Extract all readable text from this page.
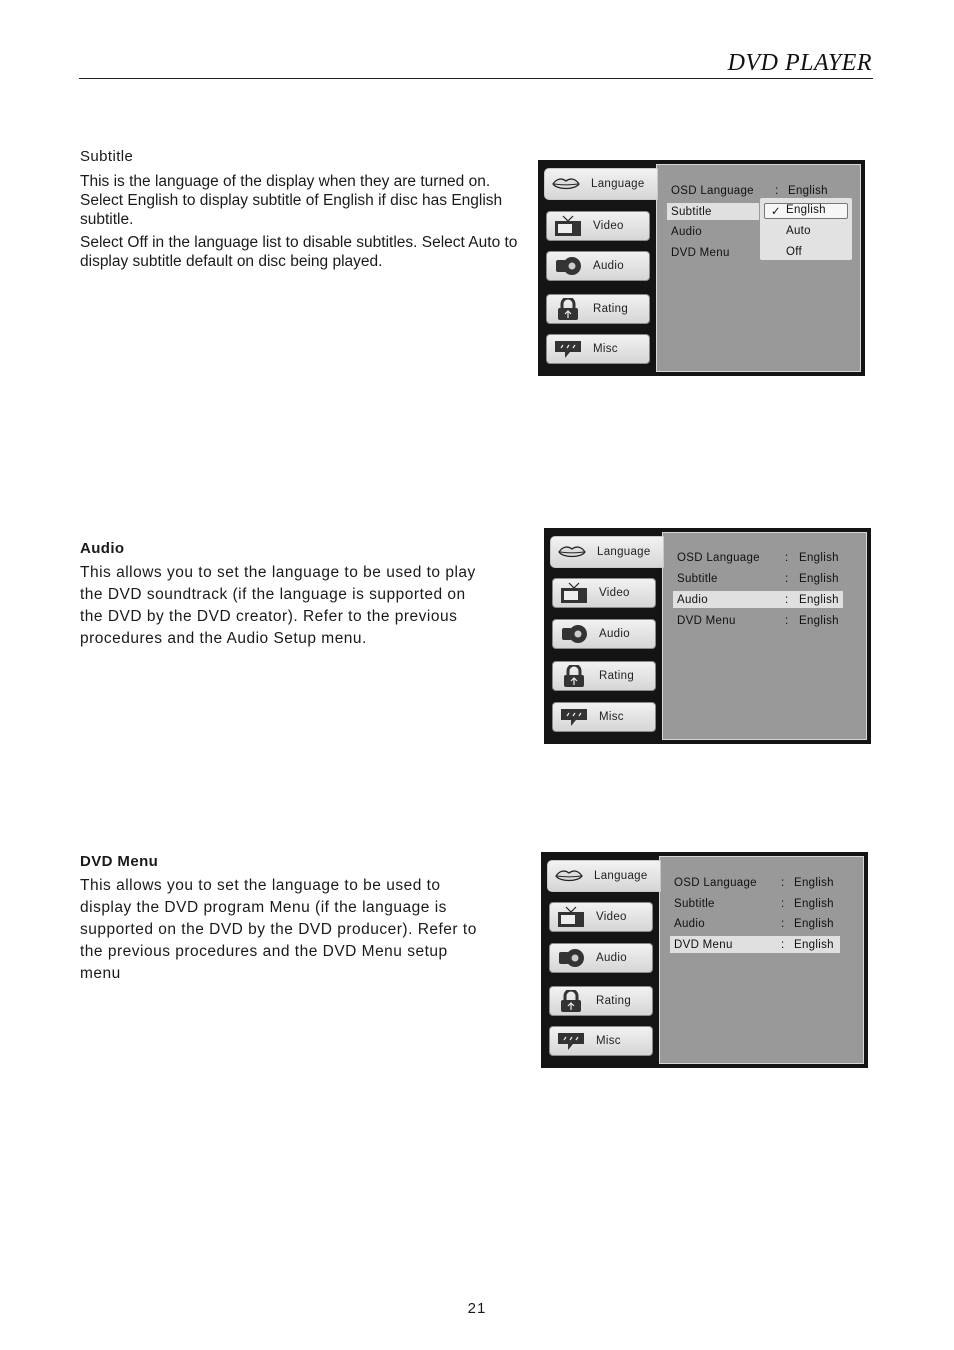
DVD PLAYER
Subtitle

This is the language of the display when they are turned on. Select English to display subtitle of English if disc has English subtitle.

Select Off in the language list to disable subtitles. Select Auto to display subtitle default on disc being played.

OSD Language : English
Subtitle
Audio
DVD Menu
✓ English
Auto
Off
Language
Video
Audio
Rating
Misc
Audio

This allows you to set the language to be used to play the DVD soundtrack (if the language is supported on the DVD by the DVD creator). Refer to the previous procedures and the Audio Setup menu.

OSD Language : English
Subtitle	: English
Audio	: English
DVD Menu	: English
Language
Video
Audio
Rating
Misc
DVD Menu

This allows you to set the language to be used to display the DVD program Menu (if the language is supported on the DVD by the DVD producer). Refer to the previous procedures and the DVD Menu setup menu

OSD Language : English
Subtitle	: English
Audio	: English
DVD Menu	: English
Language
Video
Audio
Rating
Misc
21
